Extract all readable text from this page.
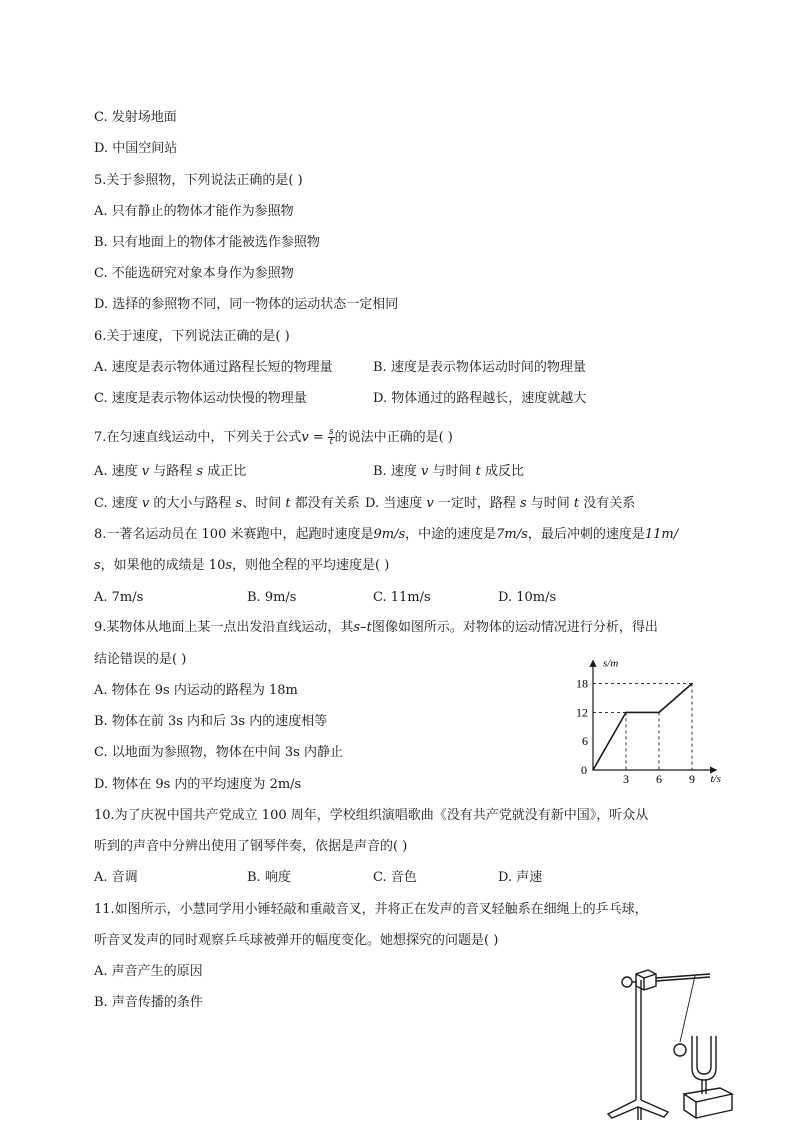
C. 发射场地面
D. 中国空间站
5.关于参照物，下列说法正确的是( )
A. 只有静止的物体才能作为参照物
B. 只有地面上的物体才能被选作参照物
C. 不能选研究对象本身作为参照物
D. 选择的参照物不同，同一物体的运动状态一定相同
6.关于速度，下列说法正确的是( )
A. 速度是表示物体通过路程长短的物理量	B. 速度是表示物体运动时间的物理量
C. 速度是表示物体运动快慢的物理量	D. 物体通过的路程越长，速度就越大
7.在匀速直线运动中，下列关于公式$v = \frac{s}{t}$ 的说法中正确的是( )
A. 速度 v 与路程 s 成正比	B. 速度 v 与时间 t 成反比
C. 速度 v 的大小与路程 s、时间 t 都没有关系 D. 当速度 v 一定时，路程 s 与时间 t 没有关系
8.一著名运动员在 100 米赛跑中，起跑时速度是9m/s，中途的速度是7m/s，最后冲刺的速度是11m/
s，如果他的成绩是 10s，则他全程的平均速度是( )
A. 7m/s	B. 9m/s	C. 11m/s	D. 10m/s
9.某物体从地面上某一点出发沿直线运动，其s–t图像如图所示。对物体的运动情况进行分析，得出
结论错误的是( )
A. 物体在 9s 内运动的路程为 18m
B. 物体在前 3s 内和后 3s 内的速度相等
C. 以地面为参照物，物体在中间 3s 内静止
D. 物体在 9s 内的平均速度为 2m/s
s/m
t/s
0
3 6 9
6
12
18
10.为了庆祝中国共产党成立 100 周年，学校组织演唱歌曲《没有共产党就没有新中国》，听众从
听到的声音中分辨出使用了钢琴伴奏，依据是声音的( )
A. 音调	B. 响度	C. 音色	D. 声速
11.如图所示，小慧同学用小锤轻敲和重敲音叉，并将正在发声的音叉轻触系在细绳上的乒乓球，
听音叉发声的同时观察乒乓球被弹开的幅度变化。她想探究的问题是( )
A. 声音产生的原因
B. 声音传播的条件
